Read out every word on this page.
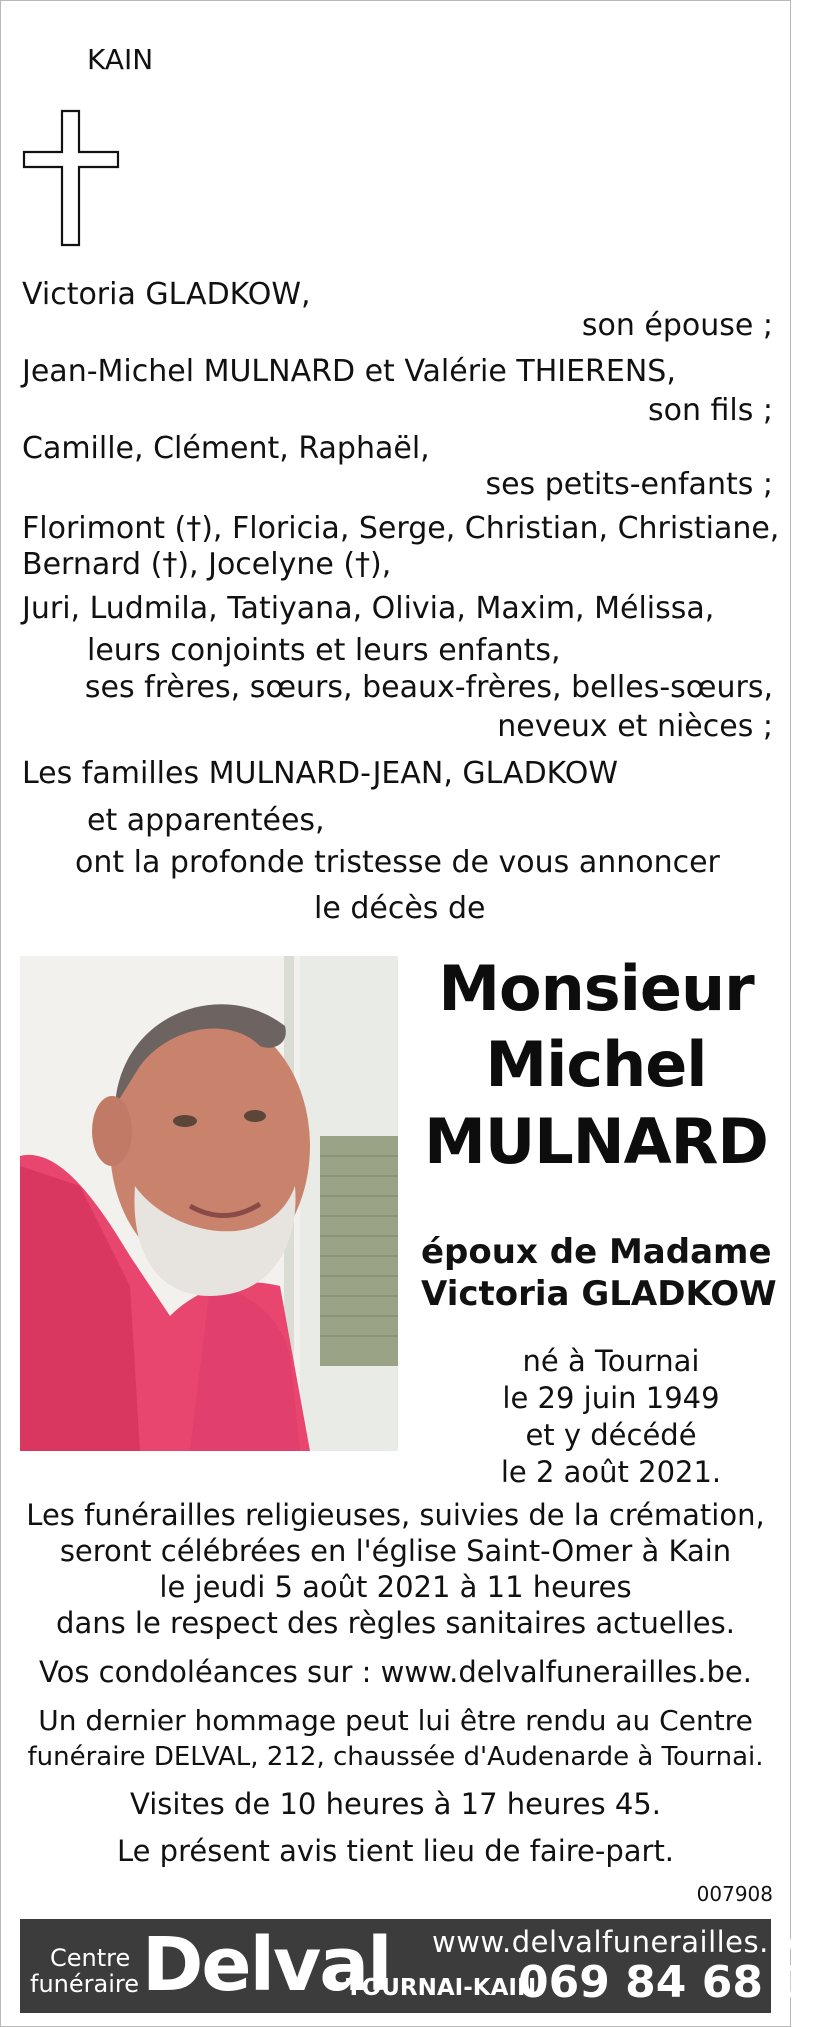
KAIN
Victoria GLADKOW,
son épouse ;
Jean-Michel MULNARD et Valérie THIERENS,
son fils ;
Camille, Clément, Raphaël,
ses petits-enfants ;
Florimont (†), Floricia, Serge, Christian, Christiane,
Bernard (†), Jocelyne (†),
Juri, Ludmila, Tatiyana, Olivia, Maxim, Mélissa,
leurs conjoints et leurs enfants,
ses frères, sœurs, beaux-frères, belles-sœurs,
neveux et nièces ;
Les familles MULNARD-JEAN, GLADKOW
et apparentées,
ont la profonde tristesse de vous annoncer
le décès de
Monsieur
Michel
MULNARD
époux de Madame
Victoria GLADKOW
né à Tournai
le 29 juin 1949
et y décédé
le 2 août 2021.
Les funérailles religieuses, suivies de la crémation,
seront célébrées en l'église Saint-Omer à Kain
le jeudi 5 août 2021 à 11 heures
dans le respect des règles sanitaires actuelles.
Vos condoléances sur : www.delvalfunerailles.be.
Un dernier hommage peut lui être rendu au Centre
funéraire DELVAL, 212, chaussée d'Audenarde à Tournai.
Visites de 10 heures à 17 heures 45.
Le présent avis tient lieu de faire-part.
007908
Centre
funéraire Delval www.delvalfunerailles.be
TOURNAI-KAIN
069 84 68 18
